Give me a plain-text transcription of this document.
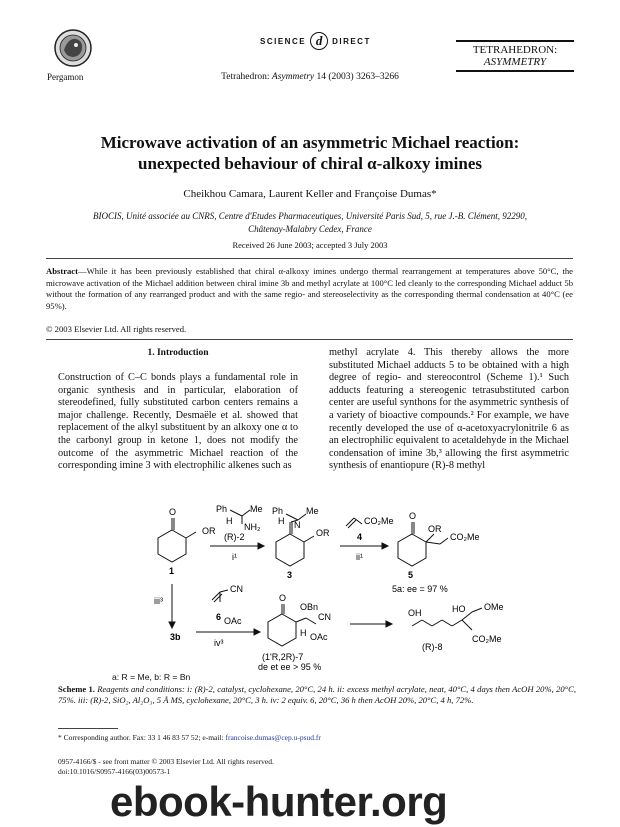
Pergamon
SCIENCE d	DIRECT
Tetrahedron: Asymmetry 14 (2003) 3263–3266
TETRAHEDRON:
ASYMMETRY
Microwave activation of an asymmetric Michael reaction:
unexpected behaviour of chiral α-alkoxy imines
Cheikhou Camara, Laurent Keller and Françoise Dumas*
BIOCIS, Unité associée au CNRS, Centre d'Etudes Pharmaceutiques, Université Paris Sud, 5, rue J.-B. Clément, 92290,
Châtenay-Malabry Cedex, France
Received 26 June 2003; accepted 3 July 2003
Abstract—While it has been previously established that chiral α-alkoxy imines undergo thermal rearrangement at temperatures above 50°C, the microwave activation of the Michael addition between chiral imine 3b and methyl acrylate at 100°C led cleanly to the corresponding Michael adduct 5b without the formation of any rearranged product and with the same regio- and stereoselectivity as the corresponding thermal condensation at 40°C (ee 95%).
© 2003 Elsevier Ltd. All rights reserved.
1. Introduction
Construction of C–C bonds plays a fundamental role in organic synthesis and in particular, elaboration of stereodefined, fully substituted carbon centers remains a major challenge. Recently, Desmaële et al. showed that replacement of the alkyl substituent by an alkoxy one α to the carbonyl group in ketone 1, does not modify the outcome of the asymmetric Michael reaction of the corresponding imine 3 with electrophilic alkenes such as
methyl acrylate 4. This thereby allows the more substituted Michael adducts 5 to be obtained with a high degree of regio- and stereocontrol (Scheme 1).¹ Such adducts featuring a stereogenic tetrasubstituted carbon center are useful synthons for the asymmetric synthesis of a variety of bioactive compounds.² For example, we have recently developed the use of α-acetoxyacrylonitrile 6 as an electrophilic equivalent to acetaldehyde in the Michael condensation of imine 3b,³ allowing the first asymmetric synthesis of enantiopure (R)-8 methyl
OR
O
1
Ph	Me
H
NH₂
(R)-2
i¹
Ph	Me
H N
OR
3
CO₂Me
4
ii¹
O
OR
CO₂Me
5
5a: ee = 97 %
iii³
CN
6 OAc
iv³
3b
O
OBn
CN
H OAc
(1'R,2R)-7
de et ee > 95 %
OH	HO OMe
CO₂Me
(R)-8
a: R = Me, b: R = Bn
Scheme 1. Reagents and conditions: i: (R)-2, catalyst, cyclohexane, 20°C, 24 h. ii: excess methyl acrylate, neat, 40°C, 4 days then AcOH 20%, 20°C, 75%. iii: (R)-2, SiO₂, Al₂O₃, 5 Å MS, cyclohexane, 20°C, 3 h. iv: 2 equiv. 6, 20°C, 36 h then AcOH 20%, 20°C, 4 h, 72%.
* Corresponding author. Fax: 33 1 46 83 57 52; e-mail: francoise.dumas@cep.u-psud.fr
0957-4166/$ - see front matter © 2003 Elsevier Ltd. All rights reserved.
doi:10.1016/S0957-4166(03)00573-1
ebook-hunter.org
